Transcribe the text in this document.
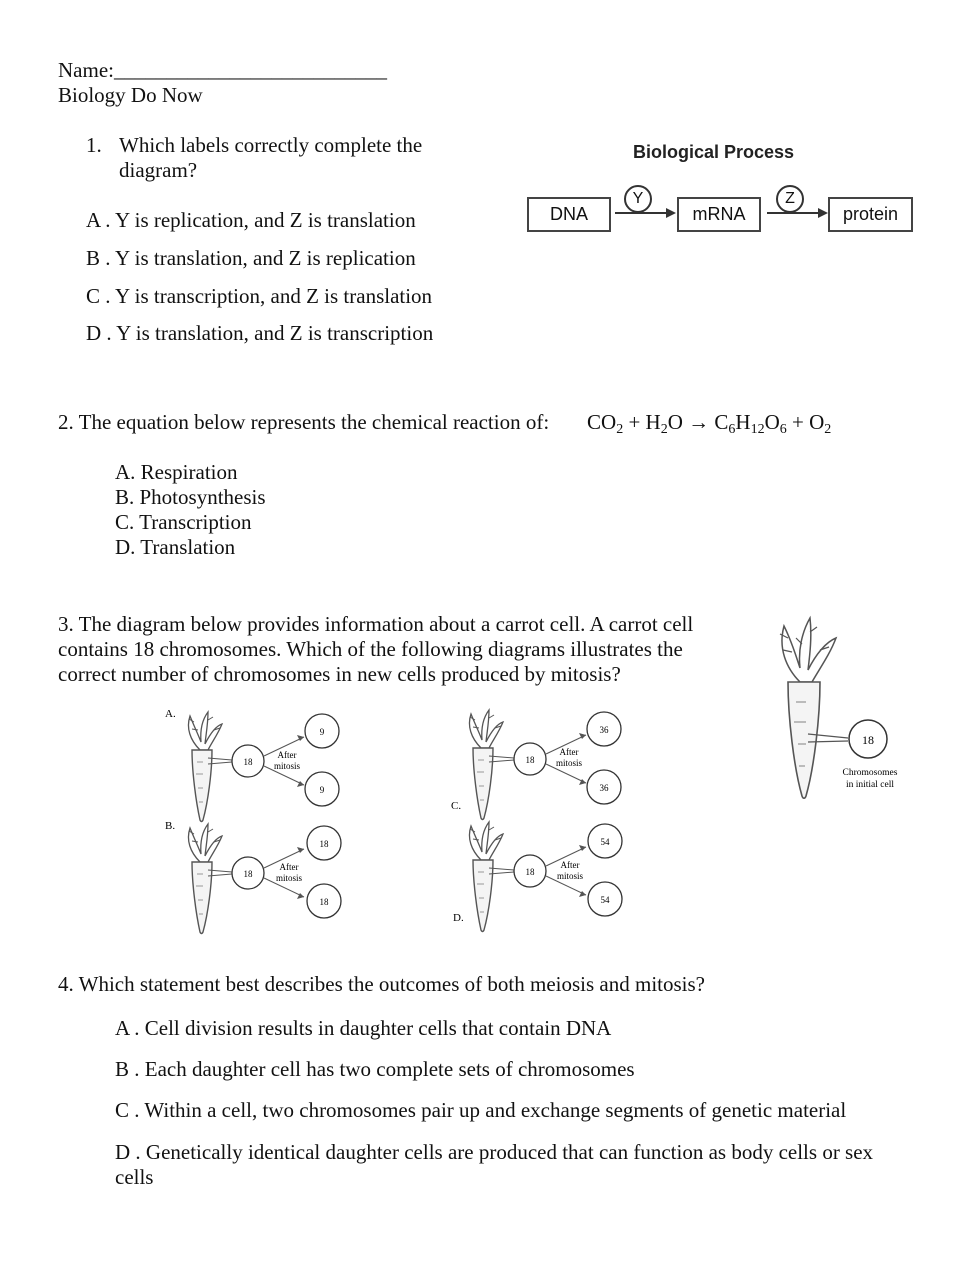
Name:__________________________
Biology Do Now
1. Which labels correctly complete the
diagram?
A . Y is replication, and Z is translation
B . Y is translation, and Z is replication
C . Y is transcription, and Z is translation
D . Y is translation, and Z is transcription
Biological Process
DNA	mRNA	protein
Y	Z
2. The equation below represents the chemical reaction of: CO2 + H2O → C6H12O6 + O2
A. Respiration
B. Photosynthesis
C. Transcription
D. Translation
3. The diagram below provides information about a carrot cell. A carrot cell
contains 18 chromosomes. Which of the following diagrams illustrates the
correct number of chromosomes in new cells produced by mitosis?
18
Chromosomes
in initial cell
A.
18
After
mitosis
9
9
B.
18
After
mitosis
18
18
18
After
mitosis
36
36
C.
18
After
mitosis
54
54
D.
4. Which statement best describes the outcomes of both meiosis and mitosis?
A . Cell division results in daughter cells that contain DNA
B . Each daughter cell has two complete sets of chromosomes
C . Within a cell, two chromosomes pair up and exchange segments of genetic material
D . Genetically identical daughter cells are produced that can function as body cells or sex
cells
